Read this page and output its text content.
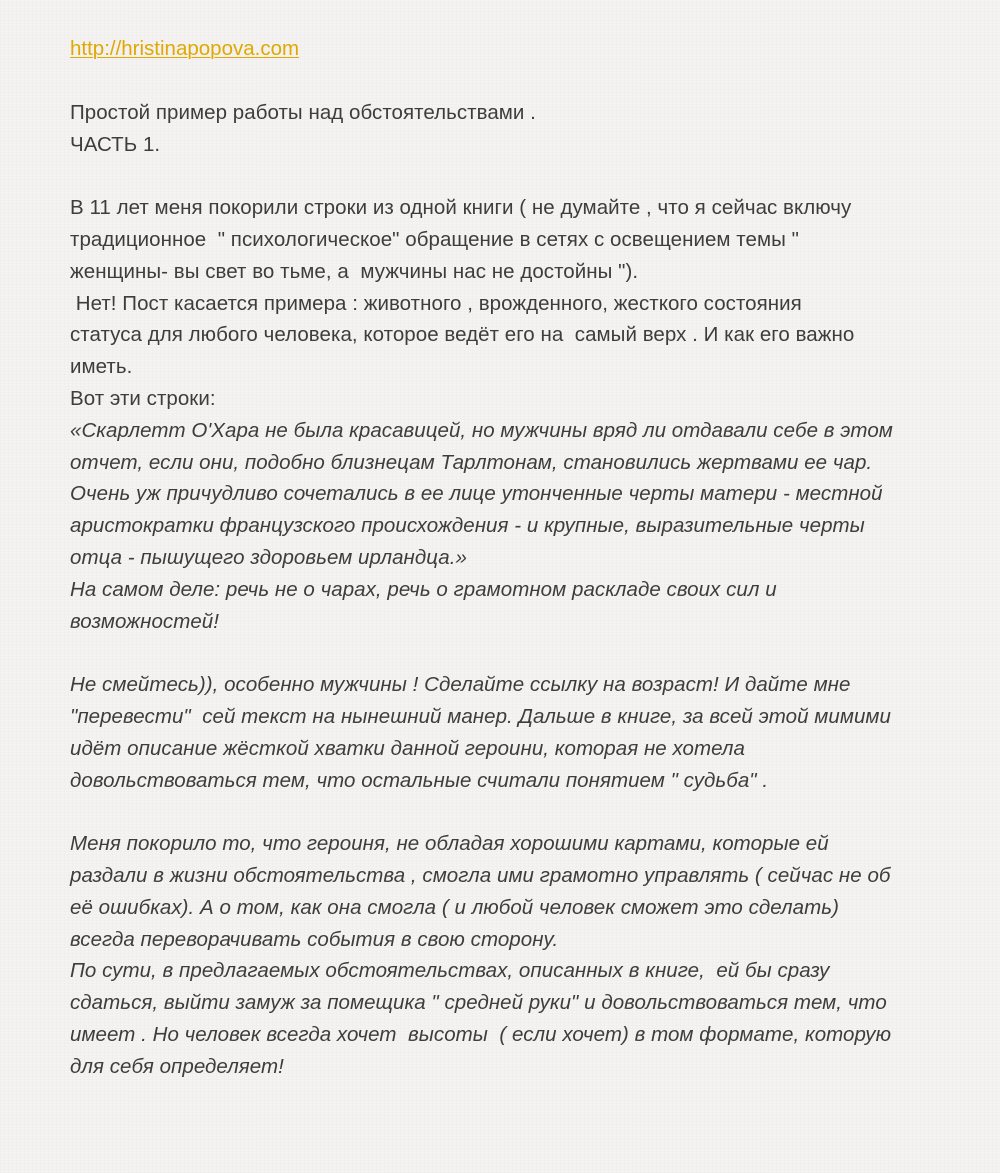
http://hristinapopova.com
Простой пример работы над обстоятельствами .
ЧАСТЬ 1.
В 11 лет меня покорили строки из одной книги ( не думайте , что я сейчас включу
традиционное  " психологическое" обращение в сетях с освещением темы "
женщины- вы свет во тьме, а  мужчины нас не достойны ").
Нет! Пост касается примера : животного , врожденного, жесткого состояния
статуса для любого человека, которое ведёт его на  самый верх . И как его важно
иметь.
Вот эти строки:
«Скарлетт О'Хара не была красавицей, но мужчины вряд ли отдавали себе в этом
отчет, если они, подобно близнецам Тарлтонам, становились жертвами ее чар.
Очень уж причудливо сочетались в ее лице утонченные черты матери - местной
аристократки французского происхождения - и крупные, выразительные черты
отца - пышущего здоровьем ирландца.»
На самом деле: речь не о чарах, речь о грамотном раскладе своих сил и
возможностей!
Не смейтесь)), особенно мужчины ! Сделайте ссылку на возраст! И дайте мне
"перевести"  сей текст на нынешний манер. Дальше в книге, за всей этой мимими
идёт описание жёсткой хватки данной героини, которая не хотела
довольствоваться тем, что остальные считали понятием " судьба" .
Меня покорило то, что героиня, не обладая хорошими картами, которые ей
раздали в жизни обстоятельства , смогла ими грамотно управлять ( сейчас не об
её ошибках). А о том, как она смогла ( и любой человек сможет это сделать)
всегда переворачивать события в свою сторону.
По сути, в предлагаемых обстоятельствах, описанных в книге,  ей бы сразу
сдаться, выйти замуж за помещика " средней руки" и довольствоваться тем, что
имеет . Но человек всегда хочет  высоты  ( если хочет) в том формате, которую
для себя определяет!
